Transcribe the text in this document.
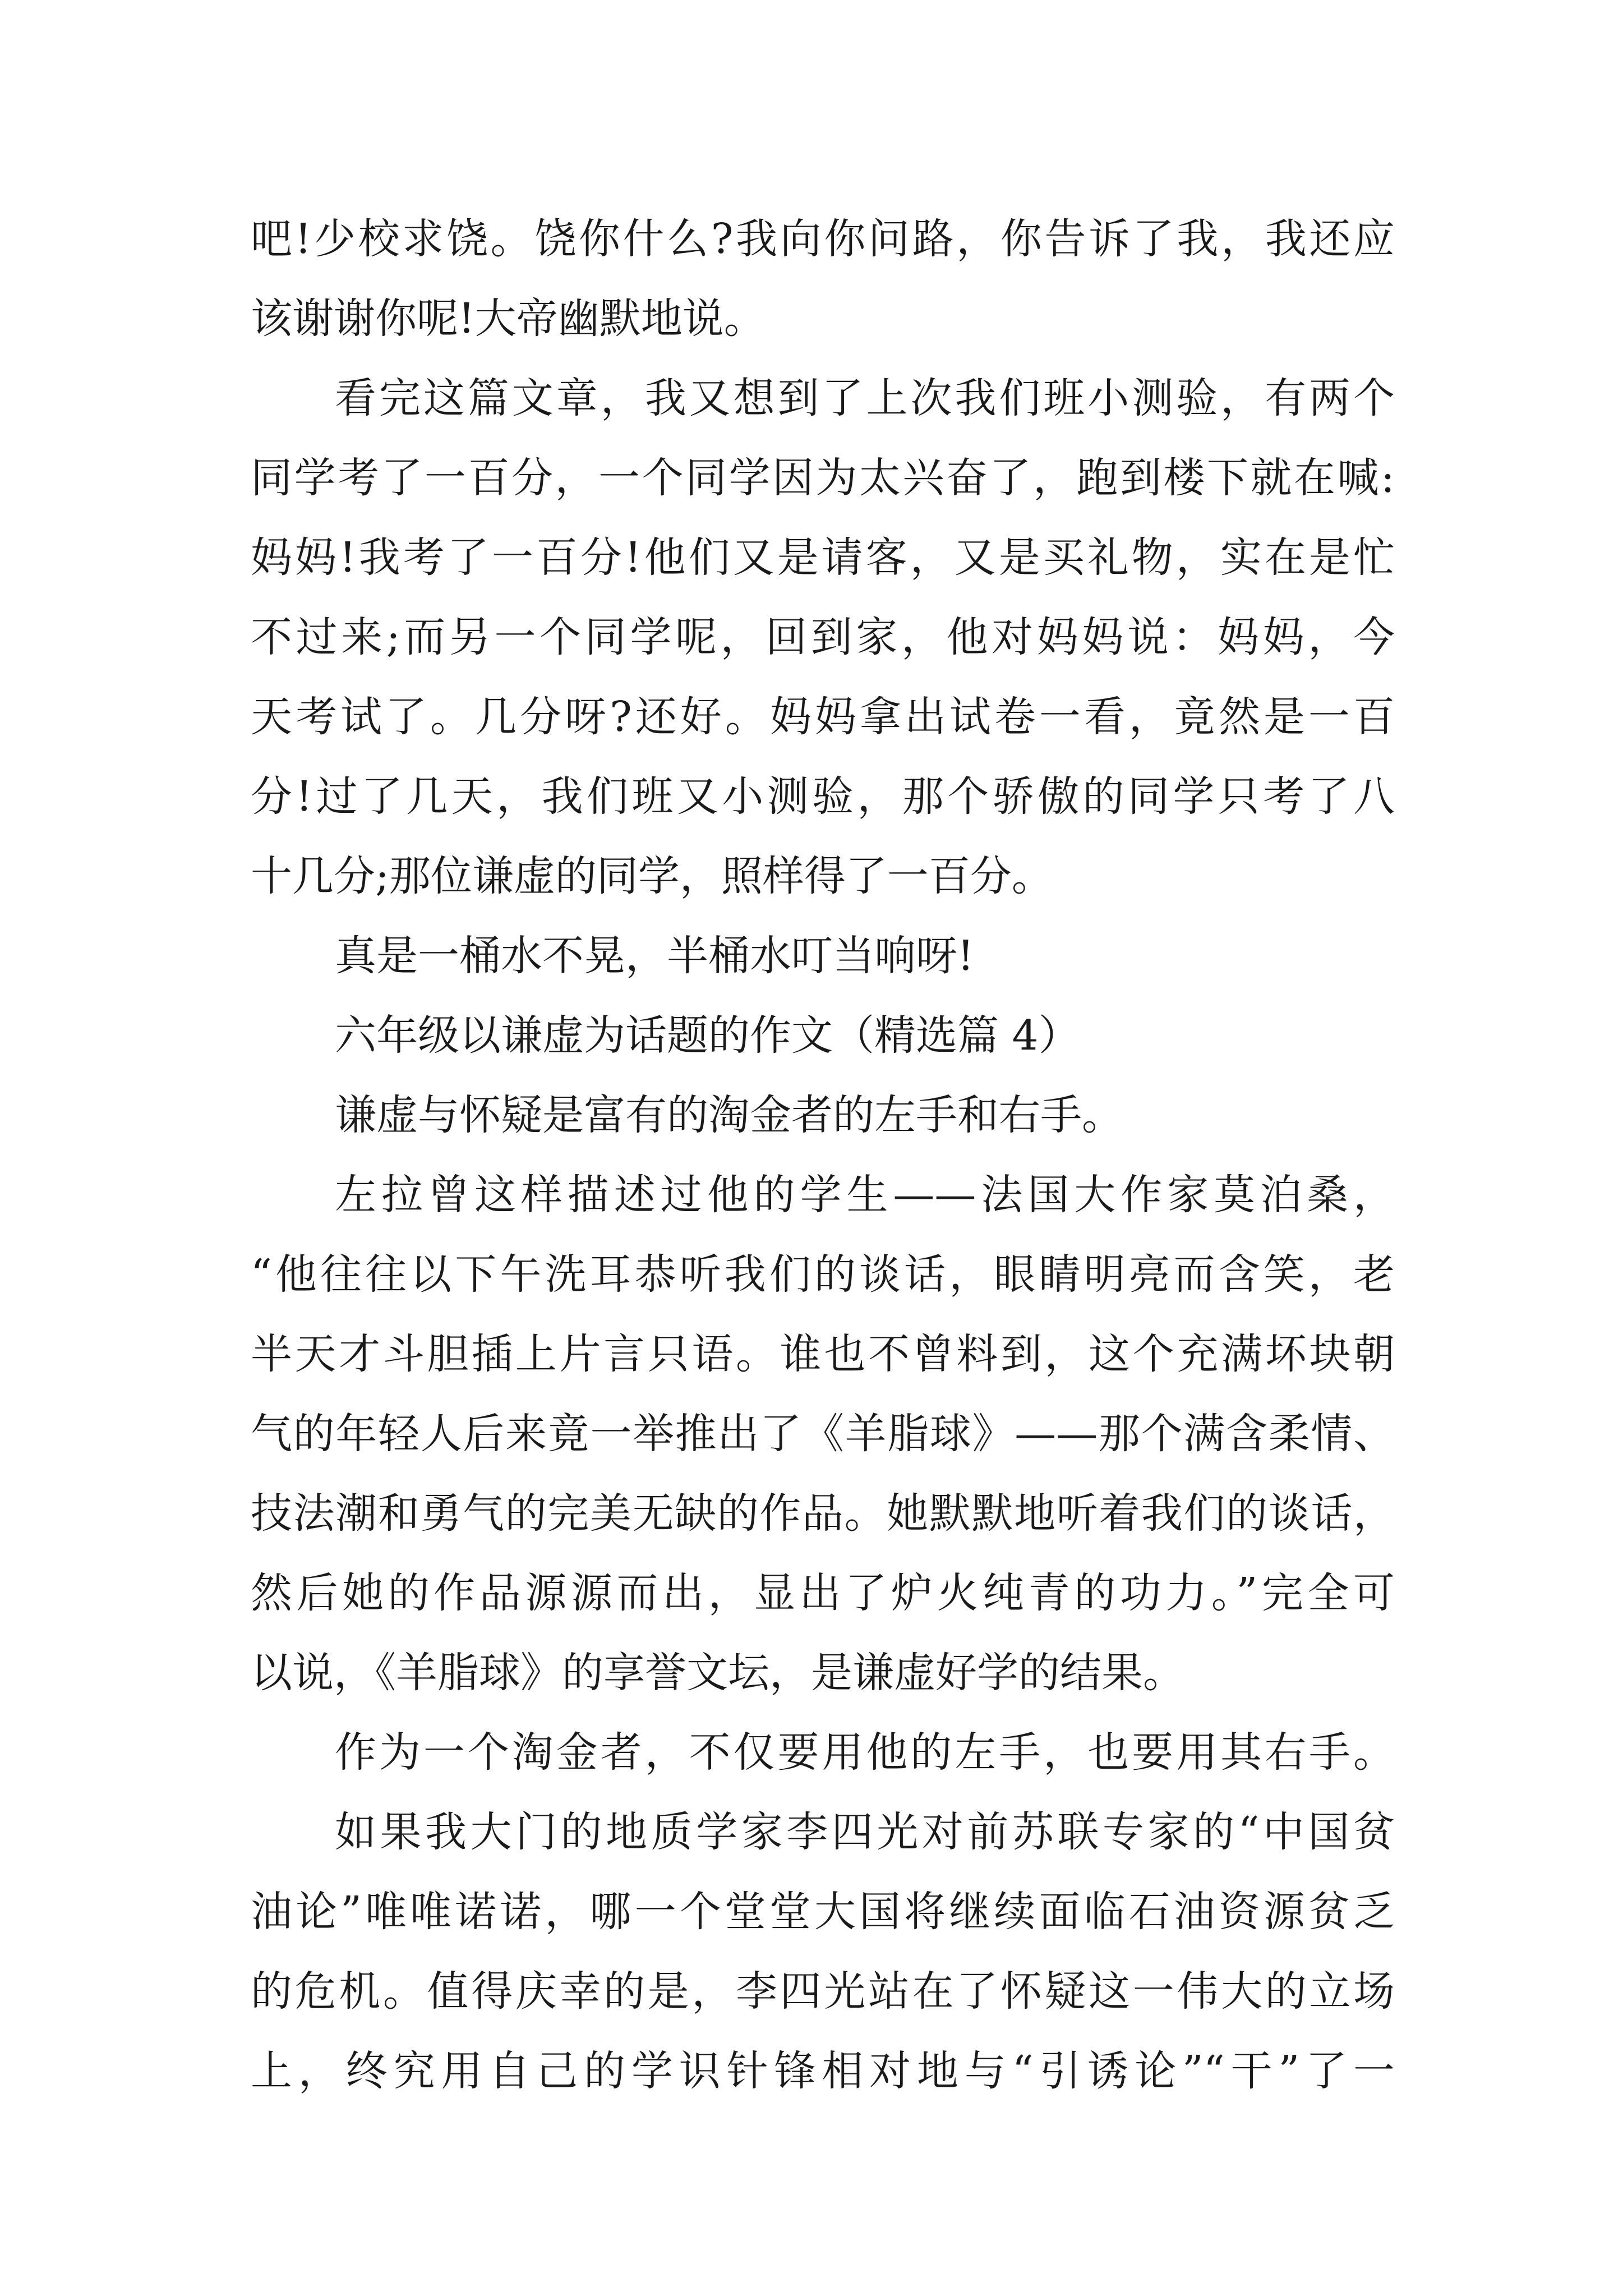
吧!少校求饶。饶你什么?我向你问路，你告诉了我，我还应
该谢谢你呢!大帝幽默地说。
看完这篇文章，我又想到了上次我们班小测验，有两个
同学考了一百分，一个同学因为太兴奋了，跑到楼下就在喊:
妈妈!我考了一百分!他们又是请客，又是买礼物，实在是忙
不过来;而另一个同学呢，回到家，他对妈妈说：妈妈，今
天考试了。几分呀?还好。妈妈拿出试卷一看，竟然是一百
分!过了几天，我们班又小测验，那个骄傲的同学只考了八
十几分;那位谦虚的同学，照样得了一百分。
真是一桶水不晃，半桶水叮当响呀!
六年级以谦虚为话题的作文（精选篇 4）
谦虚与怀疑是富有的淘金者的左手和右手。
左拉曾这样描述过他的学生——法国大作家莫泊桑，
“他往往以下午洗耳恭听我们的谈话，眼睛明亮而含笑，老
半天才斗胆插上片言只语。谁也不曾料到，这个充满坏块朝
气的年轻人后来竟一举推出了《羊脂球》——那个满含柔情、
技法潮和勇气的完美无缺的作品。她默默地听着我们的谈话，
然后她的作品源源而出，显出了炉火纯青的功力。”完全可
以说，《羊脂球》的享誉文坛，是谦虚好学的结果。
作为一个淘金者，不仅要用他的左手，也要用其右手。
如果我大门的地质学家李四光对前苏联专家的“中国贫
油论”唯唯诺诺，哪一个堂堂大国将继续面临石油资源贫乏
的危机。值得庆幸的是，李四光站在了怀疑这一伟大的立场
上，终究用自己的学识针锋相对地与“引诱论”“干”了一
